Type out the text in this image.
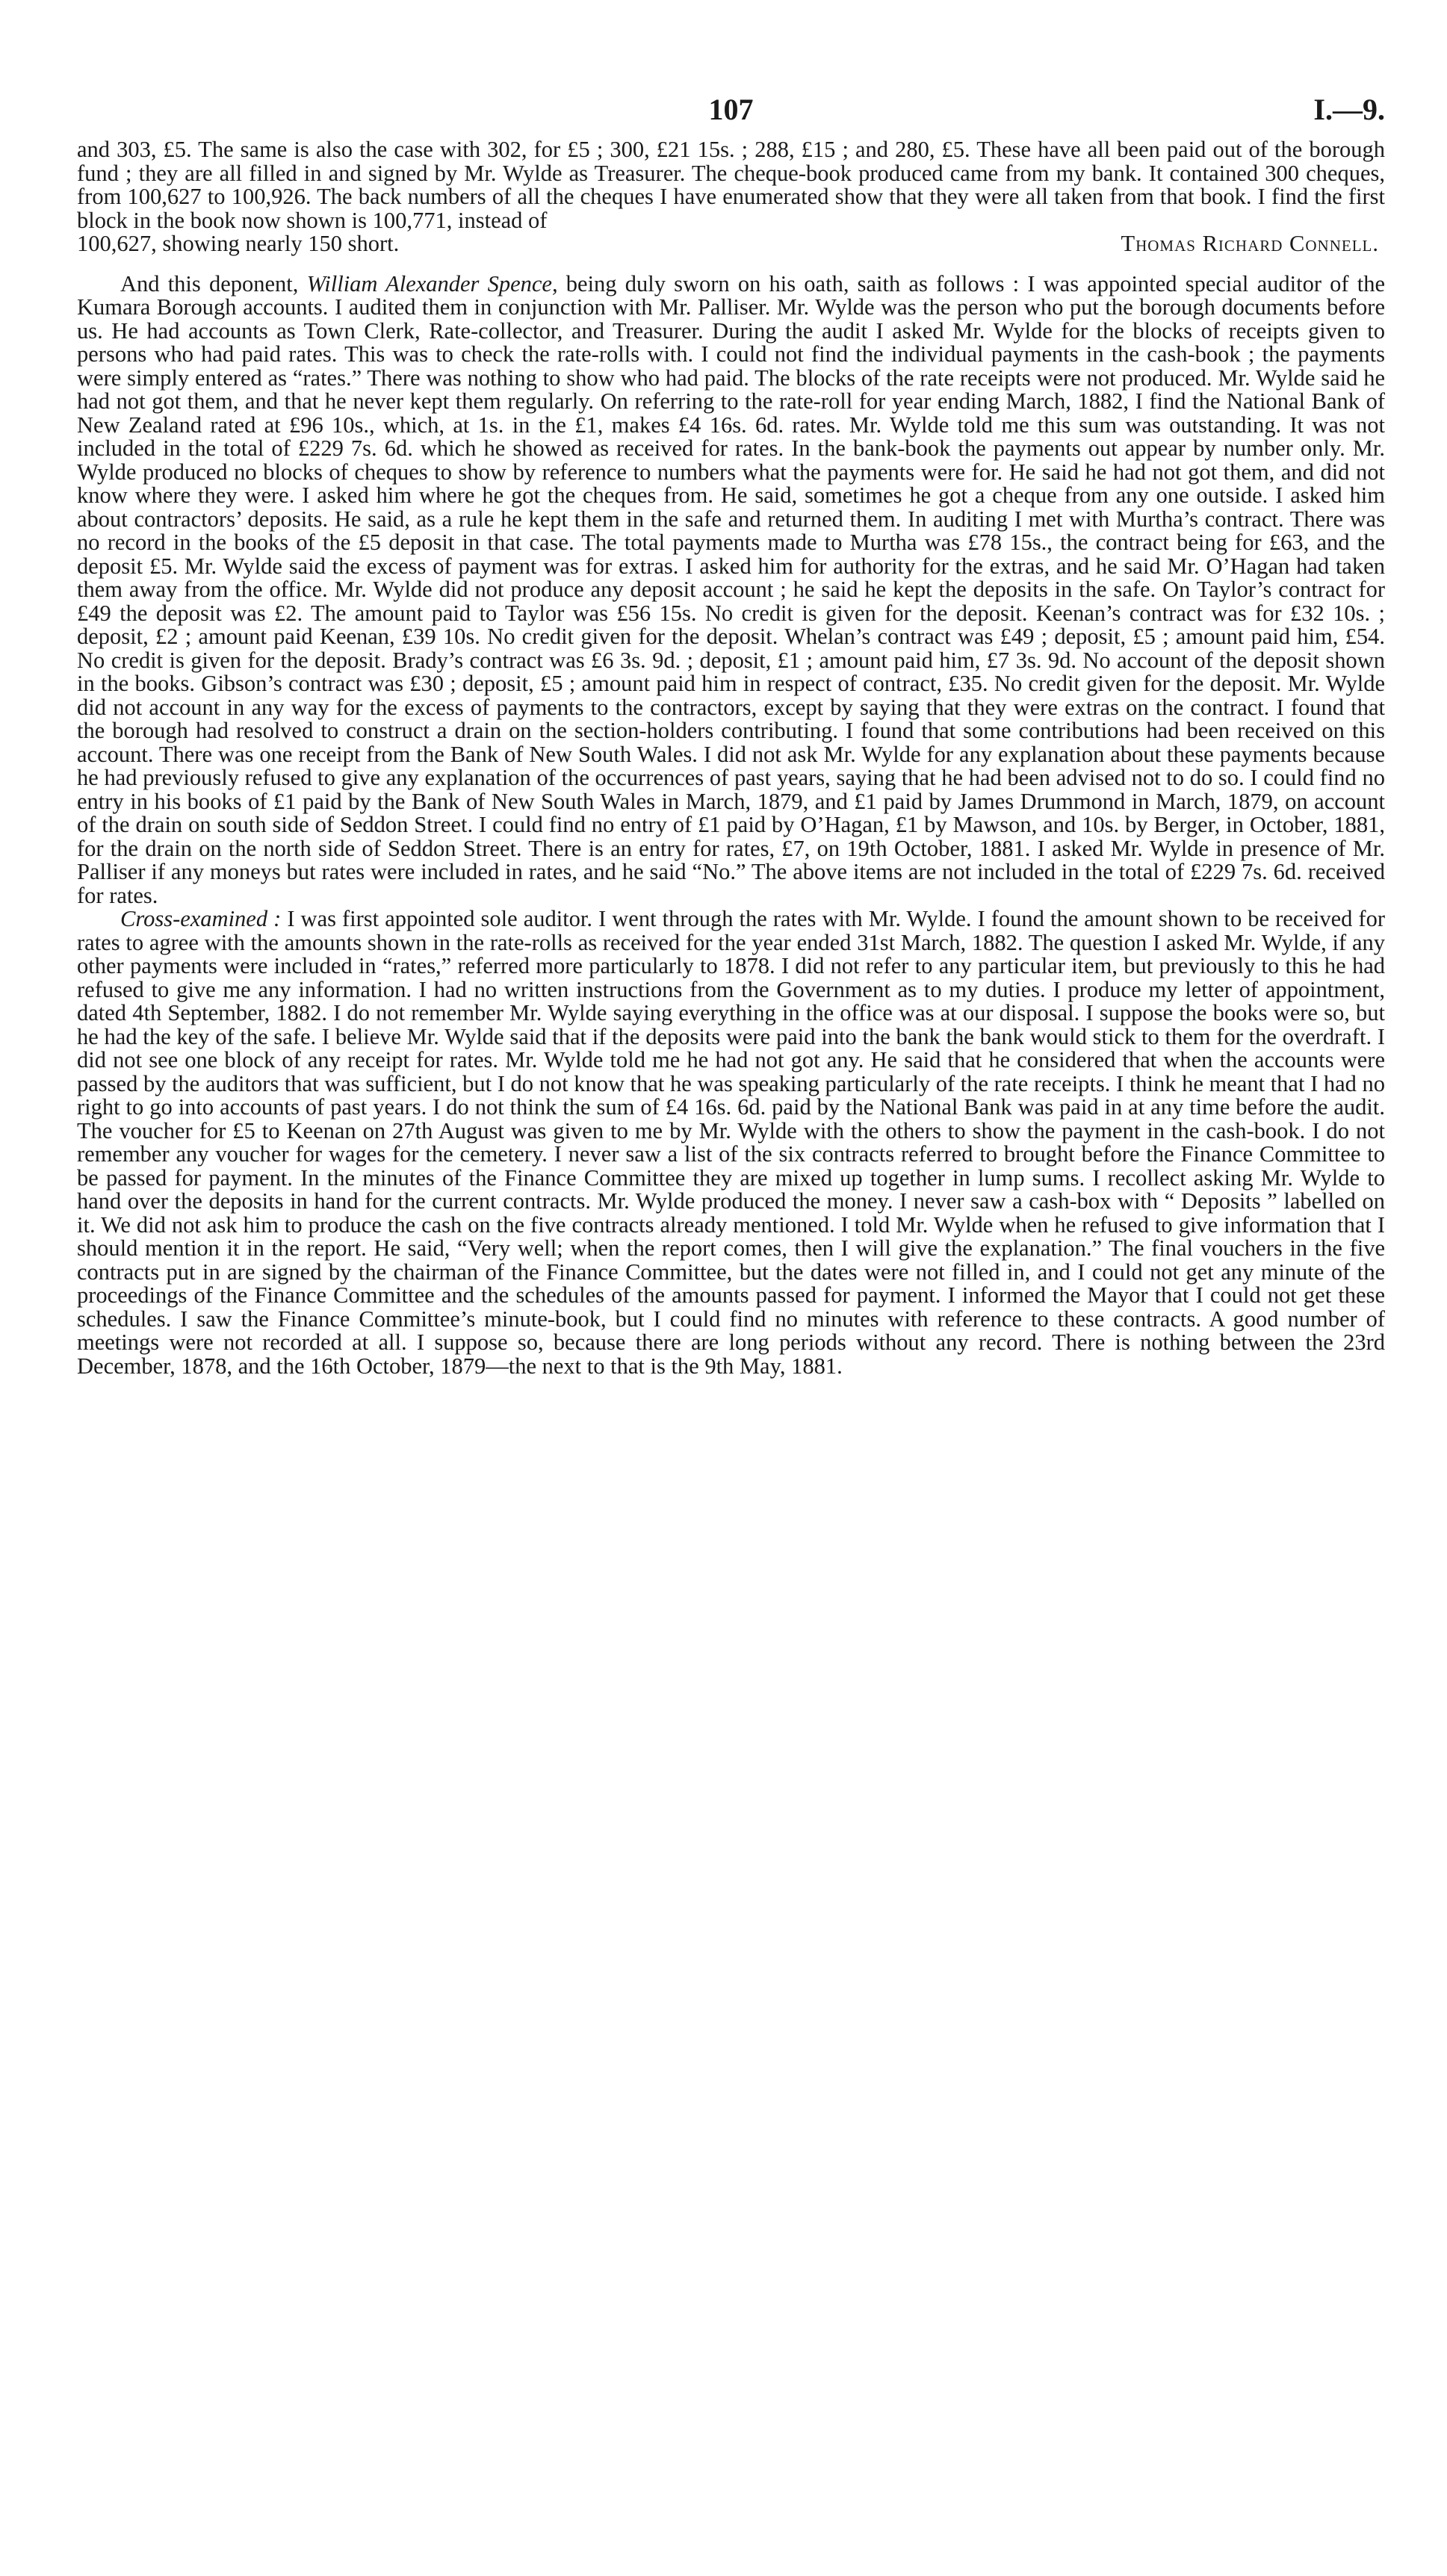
107	I.—9.

and 303, £5. The same is also the case with 302, for £5 ; 300, £21 15s. ; 288, £15 ; and 280, £5. These have all been paid out of the borough fund ; they are all filled in and signed by Mr. Wylde as Treasurer. The cheque-book produced came from my bank. It contained 300 cheques, from 100,627 to 100,926. The back numbers of all the cheques I have enumerated show that they were all taken from that book. I find the first block in the book now shown is 100,771, instead of

100,627, showing nearly 150 short.	Thomas Richard Connell.

And this deponent, William Alexander Spence, being duly sworn on his oath, saith as follows : I was appointed special auditor of the Kumara Borough accounts. I audited them in conjunction with Mr. Palliser. Mr. Wylde was the person who put the borough documents before us. He had accounts as Town Clerk, Rate-collector, and Treasurer. During the audit I asked Mr. Wylde for the blocks of receipts given to persons who had paid rates. This was to check the rate-rolls with. I could not find the individual payments in the cash-book ; the payments were simply entered as “rates.” There was nothing to show who had paid. The blocks of the rate receipts were not produced. Mr. Wylde said he had not got them, and that he never kept them regularly. On referring to the rate-roll for year ending March, 1882, I find the National Bank of New Zealand rated at £96 10s., which, at 1s. in the £1, makes £4 16s. 6d. rates. Mr. Wylde told me this sum was outstanding. It was not included in the total of £229 7s. 6d. which he showed as received for rates. In the bank-book the payments out appear by number only. Mr. Wylde produced no blocks of cheques to show by reference to numbers what the payments were for. He said he had not got them, and did not know where they were. I asked him where he got the cheques from. He said, sometimes he got a cheque from any one outside. I asked him about contractors’ deposits. He said, as a rule he kept them in the safe and returned them. In auditing I met with Murtha’s contract. There was no record in the books of the £5 deposit in that case. The total payments made to Murtha was £78 15s., the contract being for £63, and the deposit £5. Mr. Wylde said the excess of payment was for extras. I asked him for authority for the extras, and he said Mr. O’Hagan had taken them away from the office. Mr. Wylde did not produce any deposit account ; he said he kept the deposits in the safe. On Taylor’s contract for £49 the deposit was £2. The amount paid to Taylor was £56 15s. No credit is given for the deposit. Keenan’s contract was for £32 10s. ; deposit, £2 ; amount paid Keenan, £39 10s. No credit given for the deposit. Whelan’s contract was £49 ; deposit, £5 ; amount paid him, £54. No credit is given for the deposit. Brady’s contract was £6 3s. 9d. ; deposit, £1 ; amount paid him, £7 3s. 9d. No account of the deposit shown in the books. Gibson’s contract was £30 ; deposit, £5 ; amount paid him in respect of contract, £35. No credit given for the deposit. Mr. Wylde did not account in any way for the excess of payments to the contractors, except by saying that they were extras on the contract. I found that the borough had resolved to construct a drain on the section-holders contributing. I found that some contributions had been received on this account. There was one receipt from the Bank of New South Wales. I did not ask Mr. Wylde for any explanation about these payments because he had previously refused to give any explanation of the occurrences of past years, saying that he had been advised not to do so. I could find no entry in his books of £1 paid by the Bank of New South Wales in March, 1879, and £1 paid by James Drummond in March, 1879, on account of the drain on south side of Seddon Street. I could find no entry of £1 paid by O’Hagan, £1 by Mawson, and 10s. by Berger, in October, 1881, for the drain on the north side of Seddon Street. There is an entry for rates, £7, on 19th October, 1881. I asked Mr. Wylde in presence of Mr. Palliser if any moneys but rates were included in rates, and he said “No.” The above items are not included in the total of £229 7s. 6d. received for rates.

Cross-examined : I was first appointed sole auditor. I went through the rates with Mr. Wylde. I found the amount shown to be received for rates to agree with the amounts shown in the rate-rolls as received for the year ended 31st March, 1882. The question I asked Mr. Wylde, if any other payments were included in “rates,” referred more particularly to 1878. I did not refer to any particular item, but previously to this he had refused to give me any information. I had no written instructions from the Government as to my duties. I produce my letter of appointment, dated 4th September, 1882. I do not remember Mr. Wylde saying everything in the office was at our disposal. I suppose the books were so, but he had the key of the safe. I believe Mr. Wylde said that if the deposits were paid into the bank the bank would stick to them for the overdraft. I did not see one block of any receipt for rates. Mr. Wylde told me he had not got any. He said that he considered that when the accounts were passed by the auditors that was sufficient, but I do not know that he was speaking particularly of the rate receipts. I think he meant that I had no right to go into accounts of past years. I do not think the sum of £4 16s. 6d. paid by the National Bank was paid in at any time before the audit. The voucher for £5 to Keenan on 27th August was given to me by Mr. Wylde with the others to show the payment in the cash-book. I do not remember any voucher for wages for the cemetery. I never saw a list of the six contracts referred to brought before the Finance Committee to be passed for payment. In the minutes of the Finance Committee they are mixed up together in lump sums. I recollect asking Mr. Wylde to hand over the deposits in hand for the current contracts. Mr. Wylde produced the money. I never saw a cash-box with “ Deposits ” labelled on it. We did not ask him to produce the cash on the five contracts already mentioned. I told Mr. Wylde when he refused to give information that I should mention it in the report. He said, “Very well; when the report comes, then I will give the explanation.” The final vouchers in the five contracts put in are signed by the chairman of the Finance Committee, but the dates were not filled in, and I could not get any minute of the proceedings of the Finance Committee and the schedules of the amounts passed for payment. I informed the Mayor that I could not get these schedules. I saw the Finance Committee’s minute-book, but I could find no minutes with reference to these contracts. A good number of meetings were not recorded at all. I suppose so, because there are long periods without any record. There is nothing between the 23rd December, 1878, and the 16th October, 1879—the next to that is the 9th May, 1881.
